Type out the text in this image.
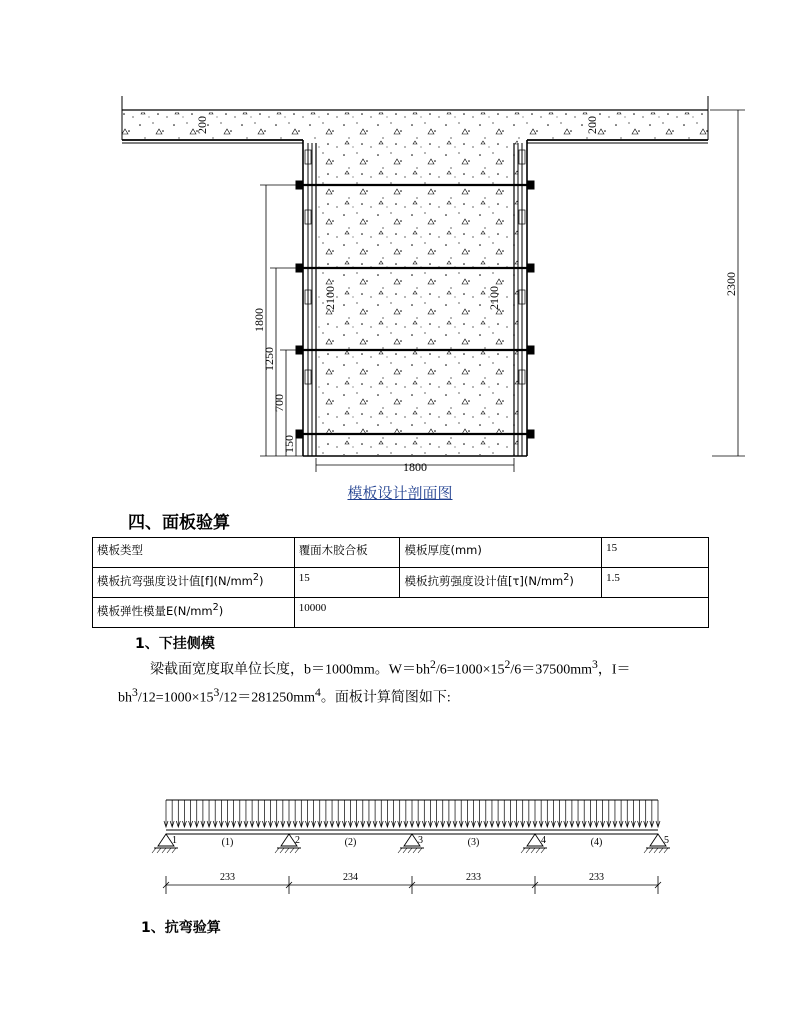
200	200
2300
2100	2100
1800
1250
700
150
1800
模板设计剖面图
四、面板验算
模板类型	覆面木胶合板	模板厚度(mm)	15
模板抗弯强度设计值$[f](N/mm^2)$	15	模板抗剪强度设计值$[\tau](N/mm^2)$	1.5
模板弹性模量$E(N/mm^2)$	10000		
1、下挂侧模
梁截面宽度取单位长度，b＝1000mm。$W=bh^2/6=1000\times 15^2/6=37500mm^3$，I＝
$bh^3/12=1000\times 15^3/12=281250mm^4$。面板计算简图如下:
1	2	3	4	5
(1)	(2)	(3)	(4)
233	234	233	233
1、抗弯验算
